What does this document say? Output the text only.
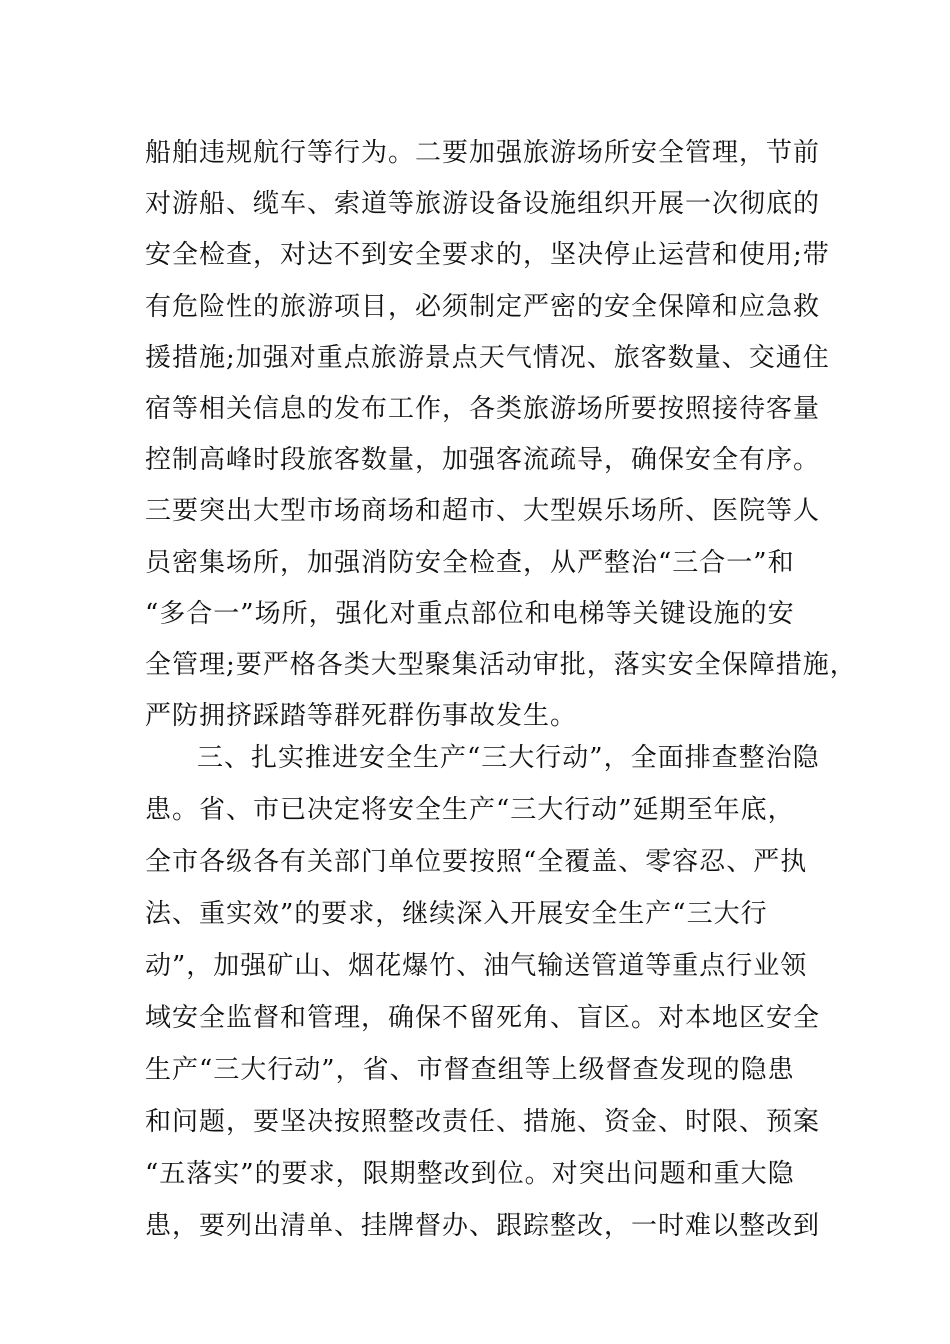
船舶违规航行等行为。二要加强旅游场所安全管理，节前
对游船、缆车、索道等旅游设备设施组织开展一次彻底的
安全检查，对达不到安全要求的，坚决停止运营和使用;带
有危险性的旅游项目，必须制定严密的安全保障和应急救
援措施;加强对重点旅游景点天气情况、旅客数量、交通住
宿等相关信息的发布工作，各类旅游场所要按照接待客量
控制高峰时段旅客数量，加强客流疏导，确保安全有序。
三要突出大型市场商场和超市、大型娱乐场所、医院等人
员密集场所，加强消防安全检查，从严整治“三合一”和
“多合一”场所，强化对重点部位和电梯等关键设施的安
全管理;要严格各类大型聚集活动审批，落实安全保障措施，
严防拥挤踩踏等群死群伤事故发生。
三、扎实推进安全生产“三大行动”，全面排查整治隐
患。省、市已决定将安全生产“三大行动”延期至年底，
全市各级各有关部门单位要按照“全覆盖、零容忍、严执
法、重实效”的要求，继续深入开展安全生产“三大行
动”，加强矿山、烟花爆竹、油气输送管道等重点行业领
域安全监督和管理，确保不留死角、盲区。对本地区安全
生产“三大行动”，省、市督查组等上级督查发现的隐患
和问题，要坚决按照整改责任、措施、资金、时限、预案
“五落实”的要求，限期整改到位。对突出问题和重大隐
患，要列出清单、挂牌督办、跟踪整改，一时难以整改到
